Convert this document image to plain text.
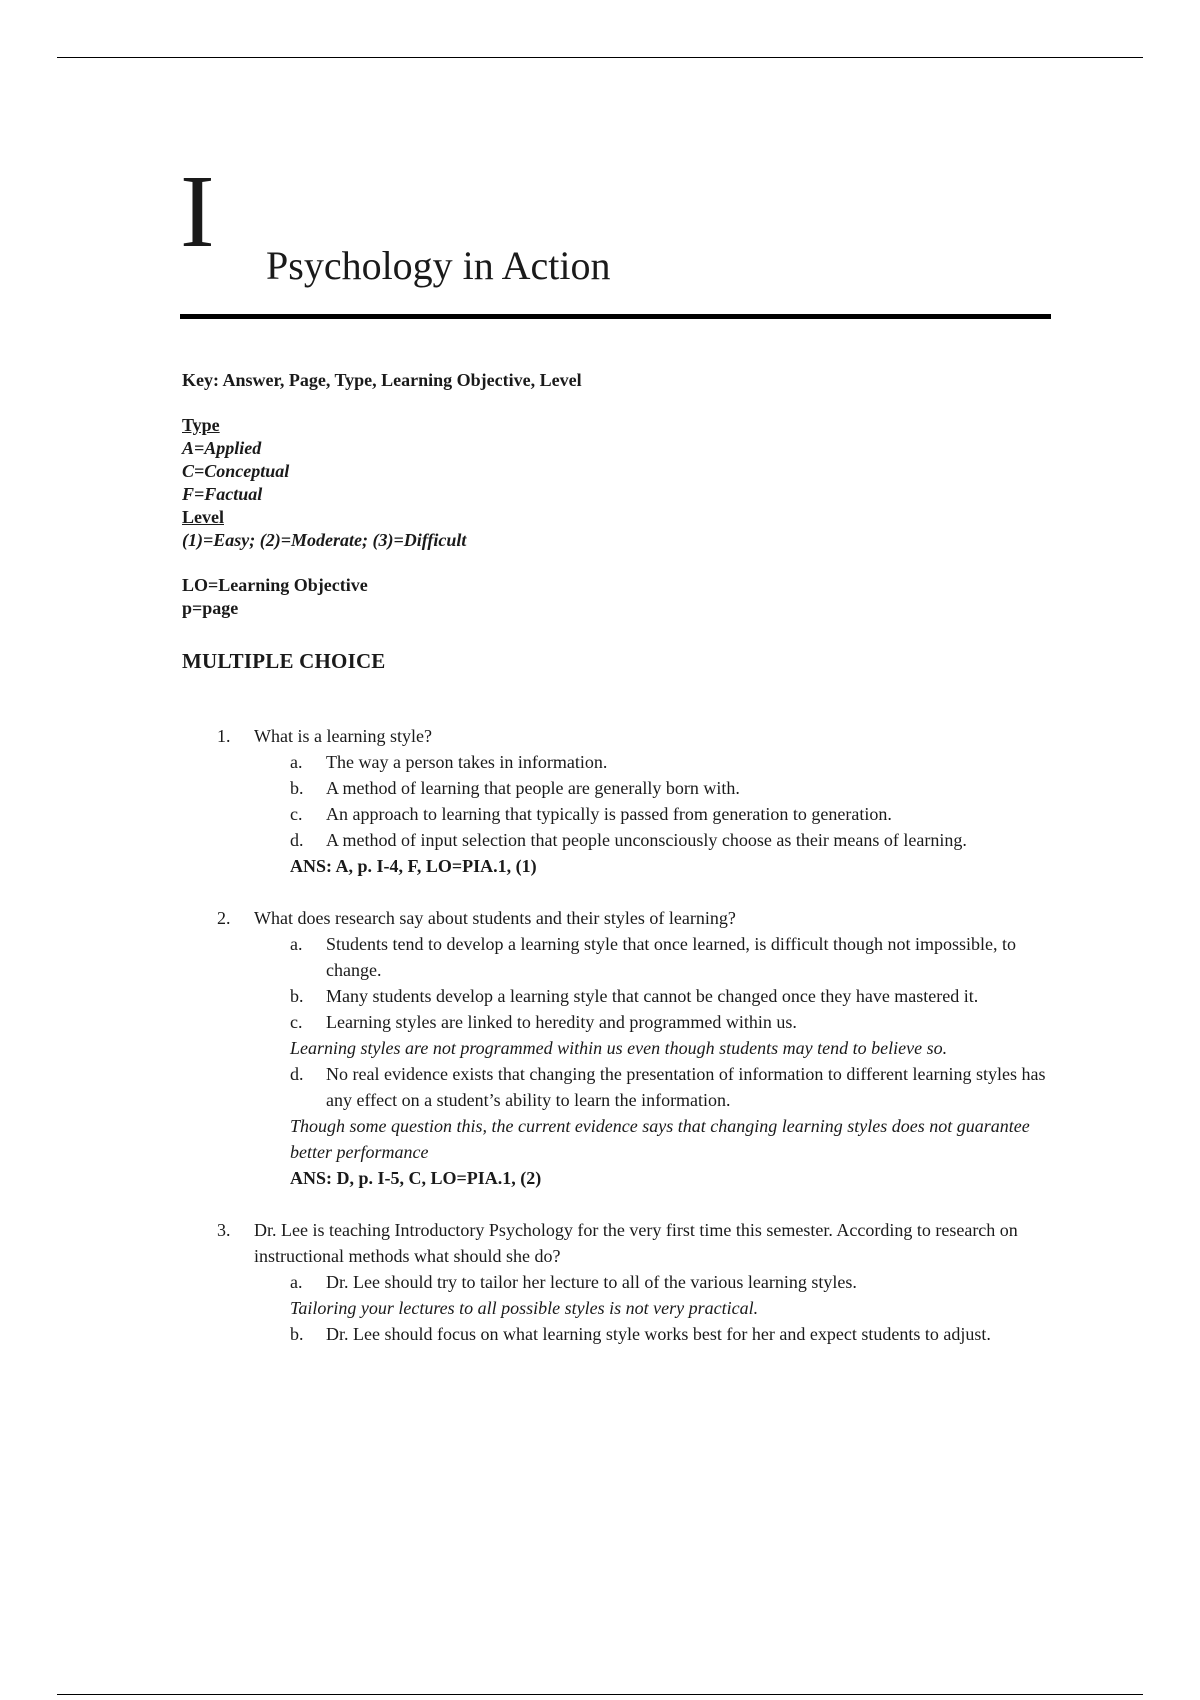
I Psychology in Action
Key: Answer, Page, Type, Learning Objective, Level
Type
A=Applied
C=Conceptual
F=Factual
Level
(1)=Easy; (2)=Moderate; (3)=Difficult
LO=Learning Objective
p=page
MULTIPLE CHOICE
1. What is a learning style?
a. The way a person takes in information.
b. A method of learning that people are generally born with.
c. An approach to learning that typically is passed from generation to generation.
d. A method of input selection that people unconsciously choose as their means of learning.
ANS: A, p. I-4, F, LO=PIA.1, (1)
2. What does research say about students and their styles of learning?
a. Students tend to develop a learning style that once learned, is difficult though not impossible, to change.
b. Many students develop a learning style that cannot be changed once they have mastered it.
c. Learning styles are linked to heredity and programmed within us.
Learning styles are not programmed within us even though students may tend to believe so.
d. No real evidence exists that changing the presentation of information to different learning styles has any effect on a student’s ability to learn the information.
Though some question this, the current evidence says that changing learning styles does not guarantee better performance
ANS: D, p. I-5, C, LO=PIA.1, (2)
3. Dr. Lee is teaching Introductory Psychology for the very first time this semester. According to research on instructional methods what should she do?
a. Dr. Lee should try to tailor her lecture to all of the various learning styles.
Tailoring your lectures to all possible styles is not very practical.
b. Dr. Lee should focus on what learning style works best for her and expect students to adjust.
